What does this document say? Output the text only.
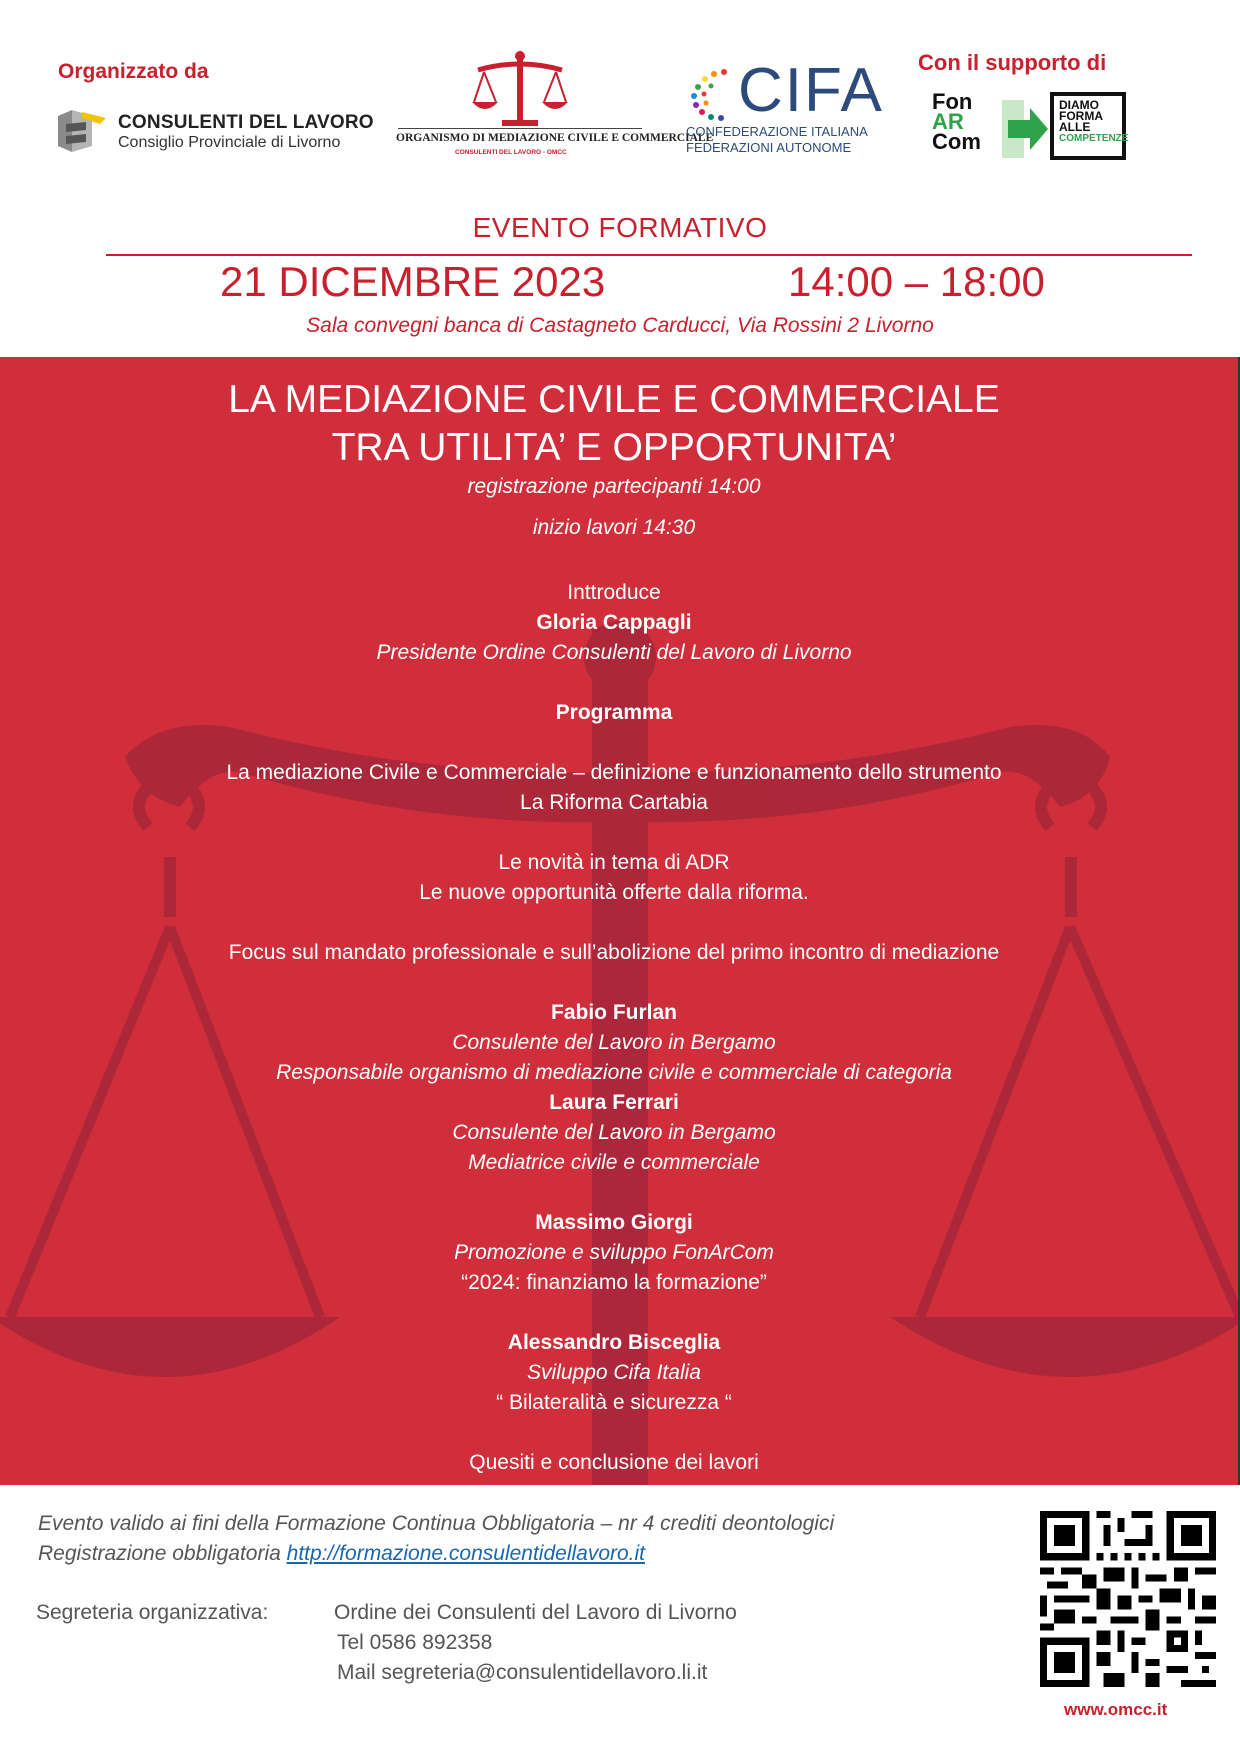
Organizzato da
CONSULENTI DEL LAVORO
Consiglio Provinciale di Livorno	ORGANISMO DI MEDIAZIONE CIVILE E COMMERCIALE
CONSULENTI DEL LAVORO - OMCC
CIFA
CONFEDERAZIONE ITALIANA
FEDERAZIONI AUTONOME
Con il supporto di
Fon
AR
Com
DIAMO
FORMA
ALLE
COMPETENZE
EVENTO FORMATIVO
21 DICEMBRE 2023	14:00 – 18:00
Sala convegni banca di Castagneto Carducci, Via Rossini 2 Livorno
LA MEDIAZIONE CIVILE E COMMERCIALE
TRA UTILITA’ E OPPORTUNITA’
registrazione partecipanti 14:00
inizio lavori 14:30
Inttroduce
Gloria Cappagli
Presidente Ordine Consulenti del Lavoro di Livorno
Programma
La mediazione Civile e Commerciale – definizione e funzionamento dello strumento
La Riforma Cartabia
Le novità in tema di ADR
Le nuove opportunità offerte dalla riforma.
Focus sul mandato professionale e sull’abolizione del primo incontro di mediazione
Fabio Furlan
Consulente del Lavoro in Bergamo
Responsabile organismo di mediazione civile e commerciale di categoria
Laura Ferrari
Consulente del Lavoro in Bergamo
Mediatrice civile e commerciale
Massimo Giorgi
Promozione e sviluppo FonArCom
“2024: finanziamo la formazione”
Alessandro Bisceglia
Sviluppo Cifa Italia
“ Bilateralità e sicurezza “
Quesiti e conclusione dei lavori
Evento valido ai fini della Formazione Continua Obbligatoria – nr 4 crediti deontologici
Registrazione obbligatoria http://formazione.consulentidellavoro.it
Segreteria organizzativa:	Ordine dei Consulenti del Lavoro di Livorno
Tel 0586 892358
Mail segreteria@consulentidellavoro.li.it
www.omcc.it
